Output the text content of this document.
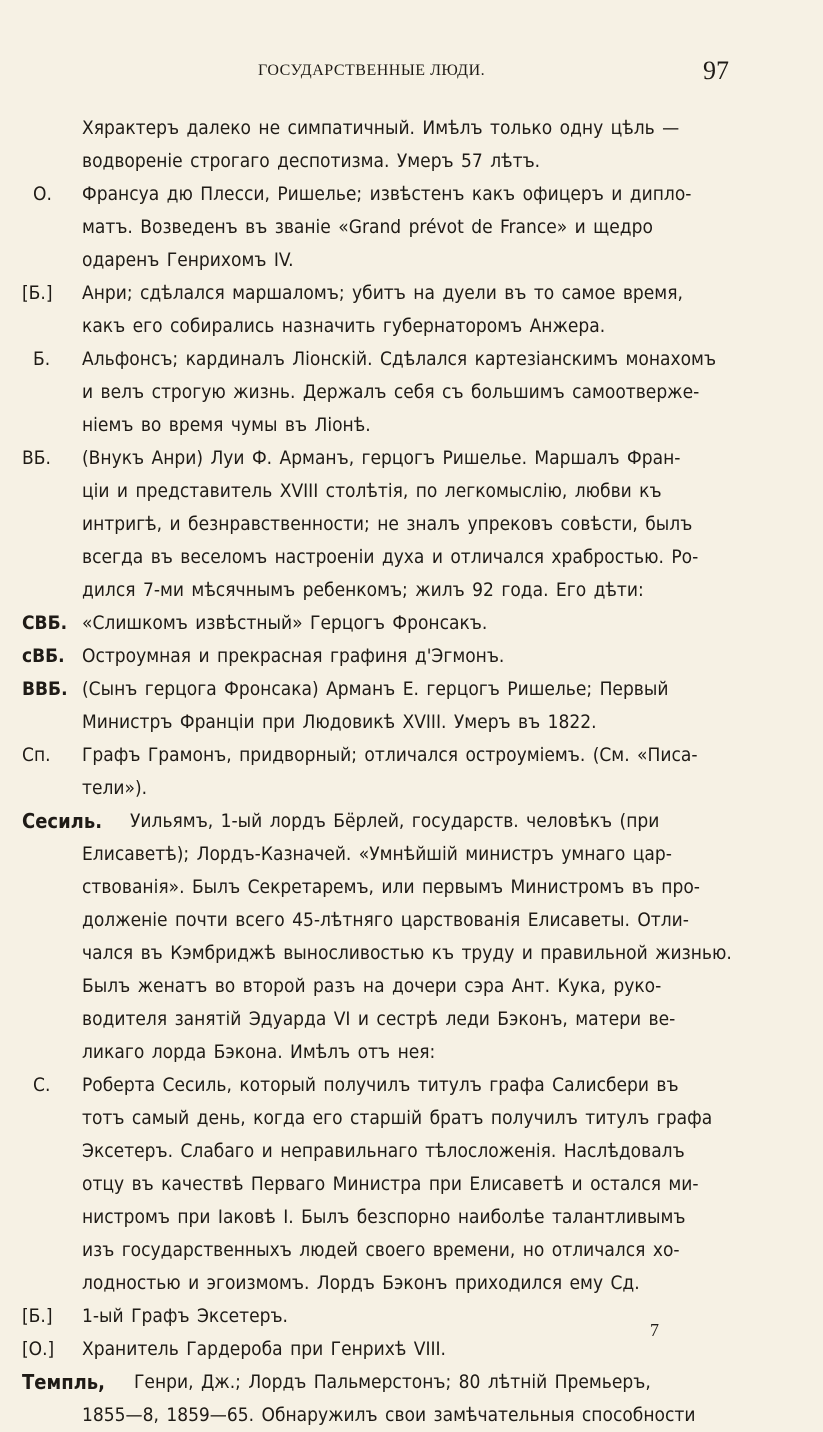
ГОСУДАРСТВЕННЫЕ ЛЮДИ.	97
Хярактеръ далеко не симпатичный. Имѣлъ только одну цѣль —
водвореніе строгаго деспотизма. Умеръ 57 лѣтъ.
О. Франсуа дю Плесси, Ришелье; извѣстенъ какъ офицеръ и дипло-
матъ. Возведенъ въ званіе «Grand prévot de France» и щедро
одаренъ Генрихомъ IV.
[Б.] Анри; сдѣлался маршаломъ; убитъ на дуели въ то самое время,
какъ его собирались назначить губернаторомъ Анжера.
Б. Альфонсъ; кардиналъ Ліонскій. Сдѣлался картезіанскимъ монахомъ
и велъ строгую жизнь. Держалъ себя съ большимъ самоотверже-
ніемъ во время чумы въ Ліонѣ.
ВБ. (Внукъ Анри) Луи Ф. Арманъ, герцогъ Ришелье. Маршалъ Фран-
ціи и представитель XVIII столѣтія, по легкомыслію, любви къ
интригѣ, и безнравственности; не зналъ упрековъ совѣсти, былъ
всегда въ веселомъ настроеніи духа и отличался храбростью. Ро-
дился 7-ми мѣсячнымъ ребенкомъ; жилъ 92 года. Его дѣти:
СВБ. «Слишкомъ извѣстный» Герцогъ Фронсакъ.
сВБ. Остроумная и прекрасная графиня д'Эгмонъ.
ВВБ. (Сынъ герцога Фронсака) Арманъ Е. герцогъ Ришелье; Первый
Министръ Франціи при Людовикѣ XVIII. Умеръ въ 1822.
Сп. Графъ Грамонъ, придворный; отличался остроуміемъ. (См. «Писа-
тели»).
Сесиль. Уильямъ, 1-ый лордъ Бёрлей, государств. человѣкъ (при
Елисаветѣ); Лордъ-Казначей. «Умнѣйшій министръ умнаго цар-
ствованія». Былъ Секретаремъ, или первымъ Министромъ въ про-
долженіе почти всего 45-лѣтняго царствованія Елисаветы. Отли-
чался въ Кэмбриджѣ выносливостью къ труду и правильной жизнью.
Былъ женатъ во второй разъ на дочери сэра Ант. Кука, руко-
водителя занятій Эдуарда VI и сестрѣ леди Бэконъ, матери ве-
ликаго лорда Бэкона. Имѣлъ отъ нея:
С. Роберта Сесиль, который получилъ титулъ графа Салисбери въ
тотъ самый день, когда его старшій братъ получилъ титулъ графа
Эксетеръ. Слабаго и неправильнаго тѣлосложенія. Наслѣдовалъ
отцу въ качествѣ Перваго Министра при Елисаветѣ и остался ми-
нистромъ при Іаковѣ I. Былъ безспорно наиболѣе талантливымъ
изъ государственныхъ людей своего времени, но отличался хо-
лодностью и эгоизмомъ. Лордъ Бэконъ приходился ему Сд.
[Б.] 1-ый Графъ Эксетеръ.
[О.] Хранитель Гардероба при Генрихѣ VIII.
Темпль, Генри, Дж.; Лордъ Пальмерстонъ; 80 лѣтній Премьеръ,
1855—8, 1859—65. Обнаружилъ свои замѣчательныя способности
7
